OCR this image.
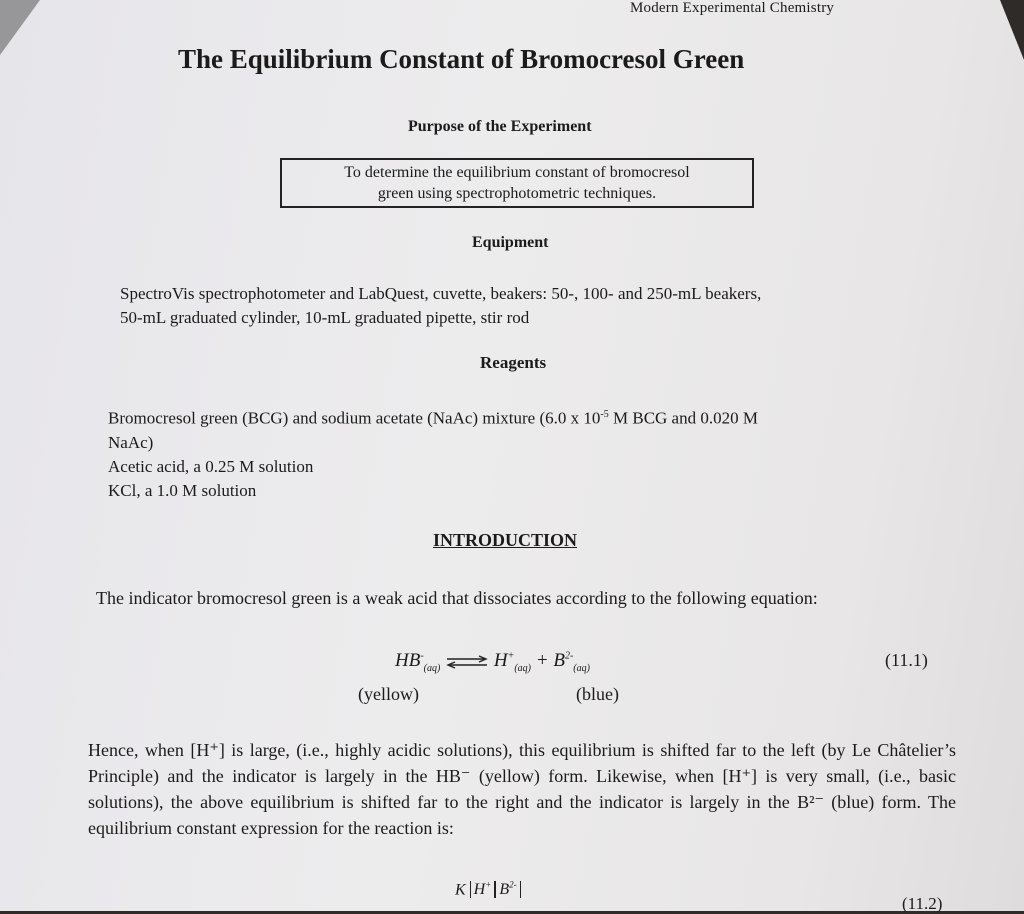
Modern Experimental Chemistry
The Equilibrium Constant of Bromocresol Green
Purpose of the Experiment
To determine the equilibrium constant of bromocresol
green using spectrophotometric techniques.
Equipment
SpectroVis spectrophotometer and LabQuest, cuvette, beakers: 50-, 100- and 250-mL beakers,
50-mL graduated cylinder, 10-mL graduated pipette, stir rod
Reagents
Bromocresol green (BCG) and sodium acetate (NaAc) mixture (6.0 x $10^{-5}$ M BCG and 0.020 M
NaAc)
Acetic acid, a 0.25 M solution
KCl, a 1.0 M solution
INTRODUCTION
The indicator bromocresol green is a weak acid that dissociates according to the following equation:
$HB^-_{(aq)}$ ⇌ $H^+_{(aq)} + B^{2-}_{(aq)}$	(11.1)
(yellow)	(blue)
Hence, when [H⁺] is large, (i.e., highly acidic solutions), this equilibrium is shifted far to the left (by Le Châtelier’s Principle) and the indicator is largely in the HB⁻ (yellow) form. Likewise, when [H⁺] is very small, (i.e., basic solutions), the above equilibrium is shifted far to the right and the indicator is largely in the B²⁻ (blue) form. The equilibrium constant expression for the reaction is:
K H+ $B^{2-}$
(11.2)
